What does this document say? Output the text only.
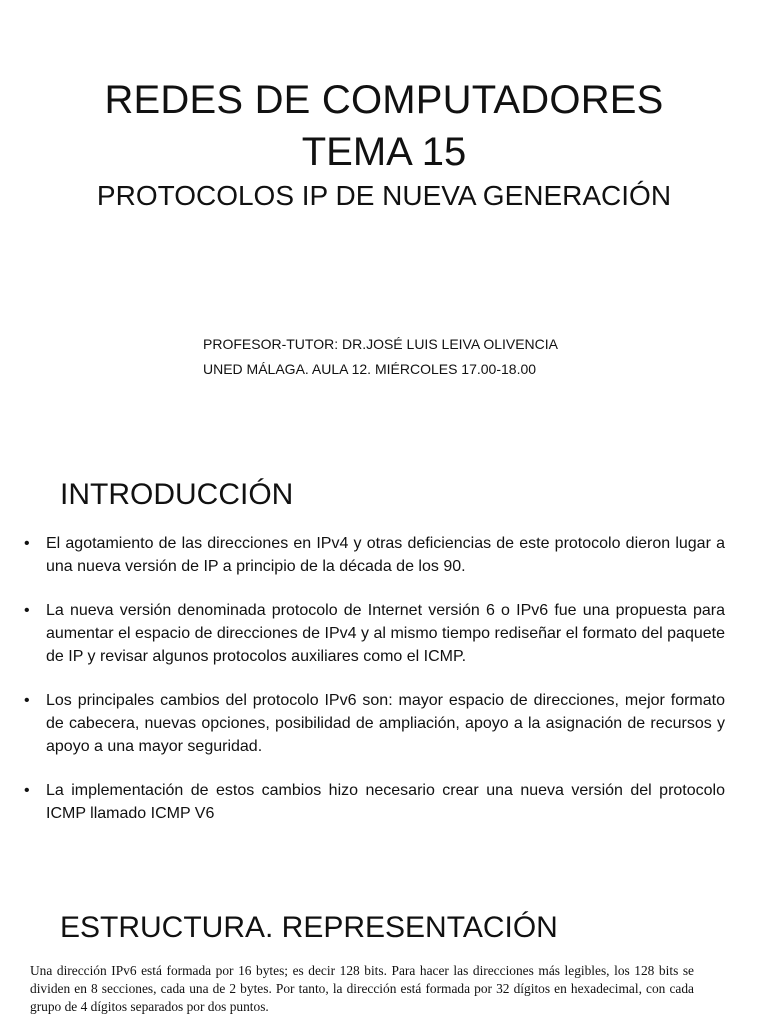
REDES DE COMPUTADORES
TEMA 15
PROTOCOLOS IP DE NUEVA GENERACIÓN
PROFESOR-TUTOR: DR.JOSÉ LUIS LEIVA OLIVENCIA
UNED MÁLAGA. AULA 12. MIÉRCOLES 17.00-18.00
INTRODUCCIÓN
•	El agotamiento de las direcciones en IPv4 y otras deficiencias de este protocolo dieron lugar a una nueva versión de IP a principio de la década de los 90.
•	La nueva versión denominada protocolo de Internet versión 6 o IPv6 fue una propuesta para aumentar el espacio de direcciones de IPv4 y al mismo tiempo rediseñar el formato del paquete de IP y revisar algunos protocolos auxiliares como el ICMP.
•	Los principales cambios del protocolo IPv6 son: mayor espacio de direcciones, mejor formato de cabecera, nuevas opciones, posibilidad de ampliación, apoyo a la asignación de recursos y apoyo a una mayor seguridad.
•	La implementación de estos cambios hizo necesario crear una nueva versión del protocolo ICMP llamado ICMP V6
ESTRUCTURA. REPRESENTACIÓN
Una dirección IPv6 está formada por 16 bytes; es decir 128 bits. Para hacer las direcciones más legibles, los 128 bits se dividen en 8 secciones, cada una de 2 bytes. Por tanto, la dirección está formada por 32 dígitos en hexadecimal, con cada grupo de 4 dígitos separados por dos puntos.
